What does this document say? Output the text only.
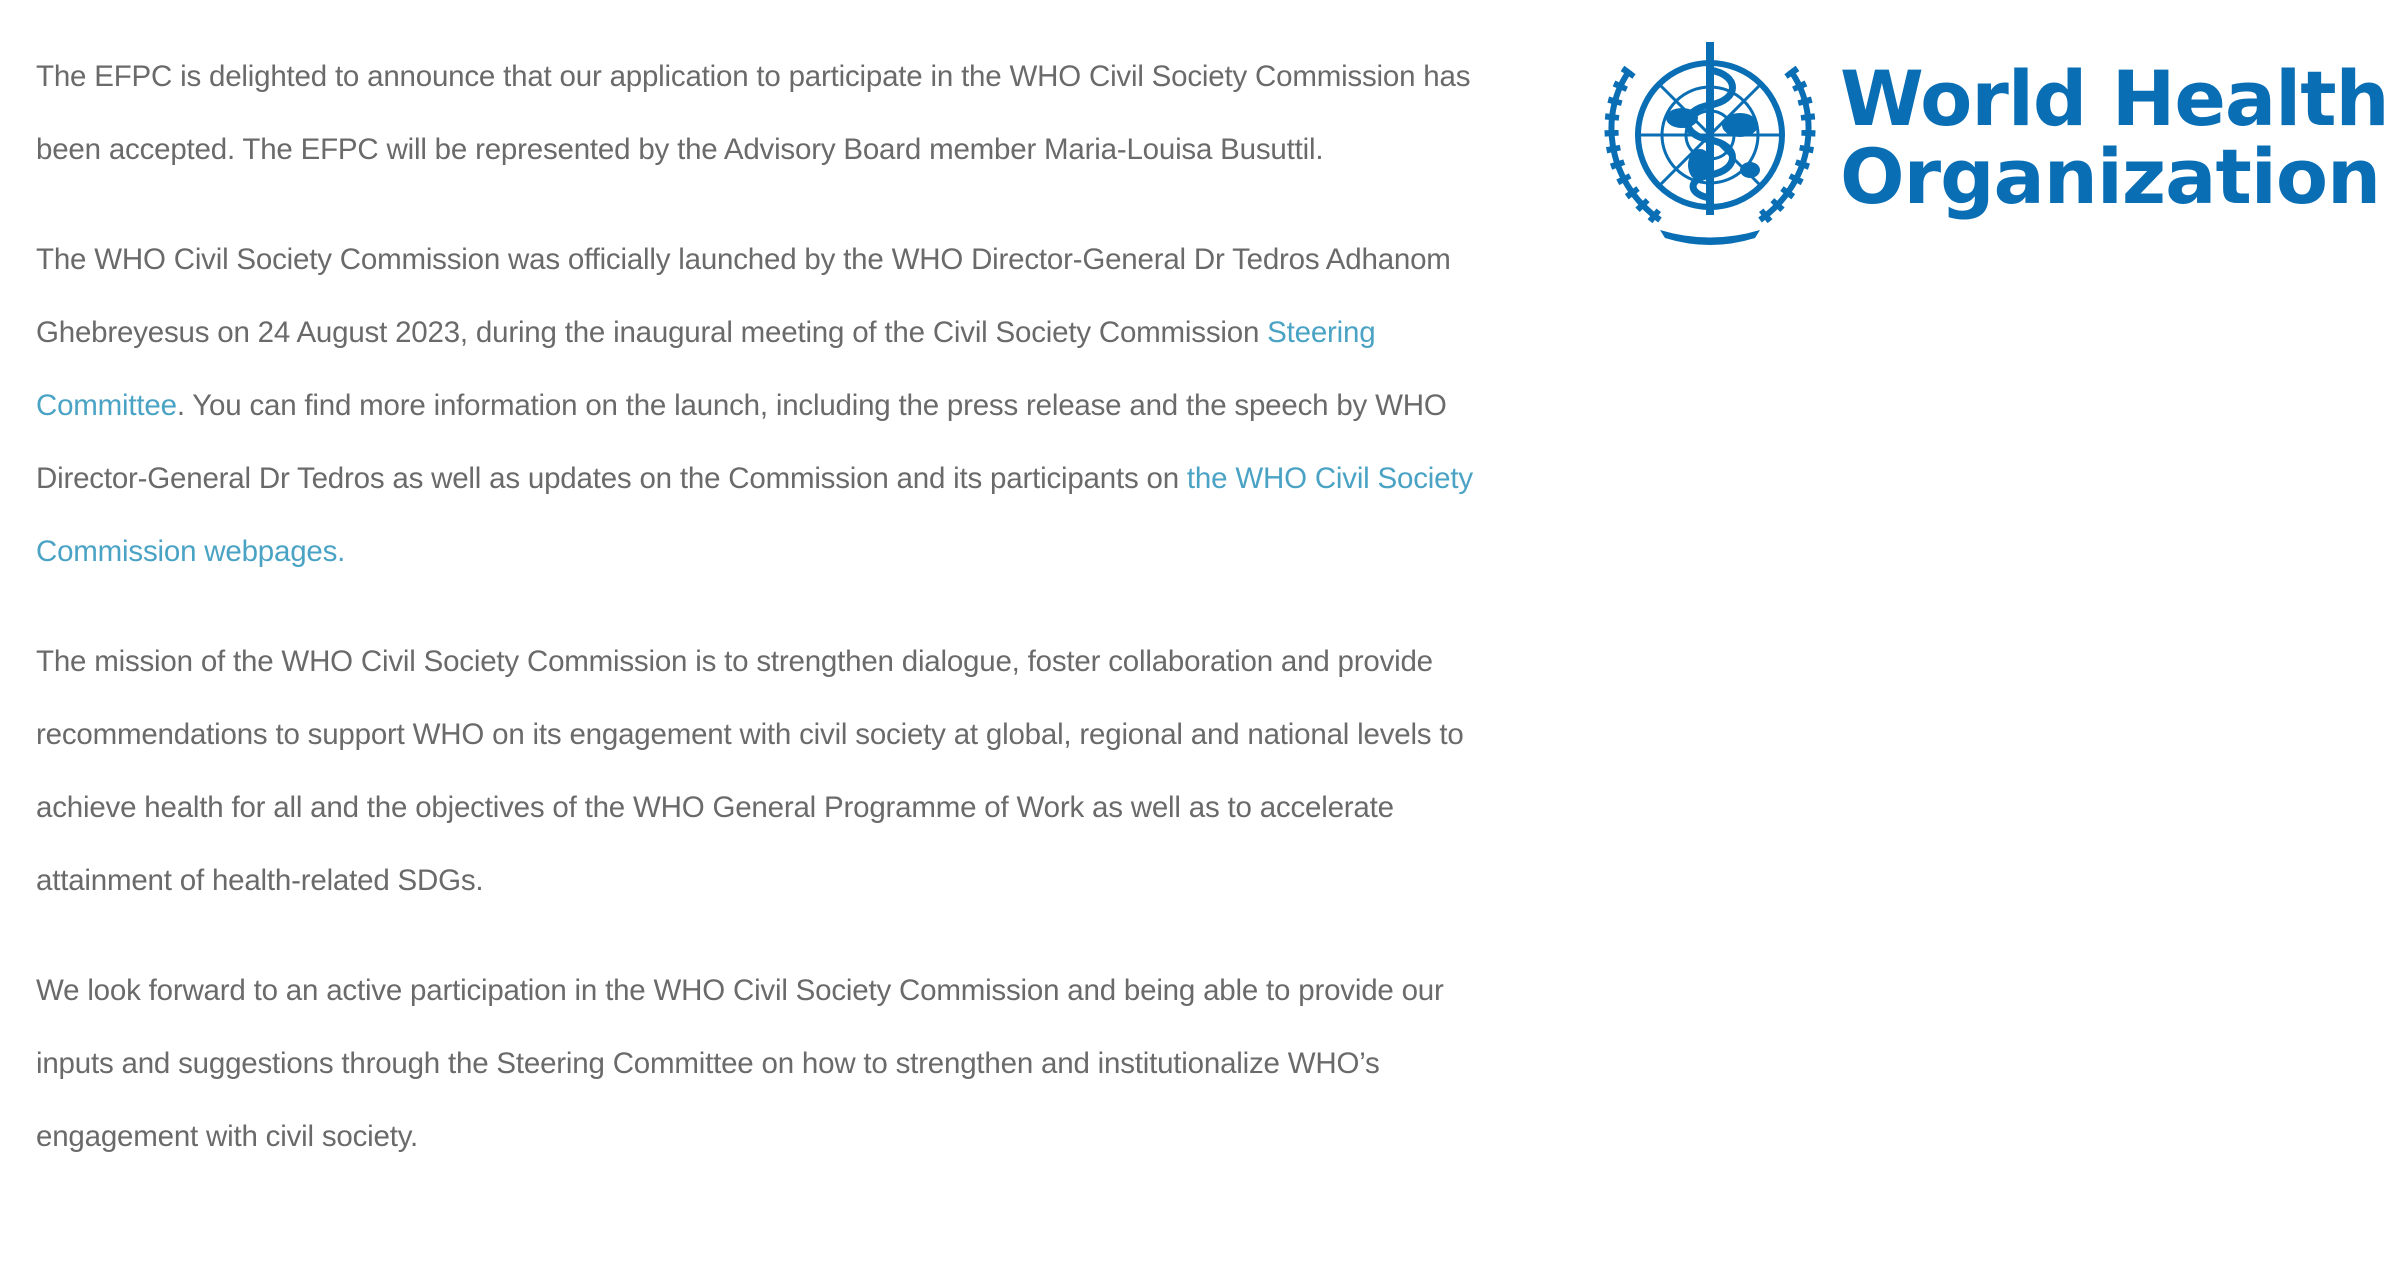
The EFPC is delighted to announce that our application to participate in the WHO Civil Society Commission has been accepted. The EFPC will be represented by the Advisory Board member Maria-Louisa Busuttil.

The WHO Civil Society Commission was officially launched by the WHO Director-General Dr Tedros Adhanom Ghebreyesus on 24 August 2023, during the inaugural meeting of the Civil Society Commission Steering Committee. You can find more information on the launch, including the press release and the speech by WHO Director-General Dr Tedros as well as updates on the Commission and its participants on the WHO Civil Society Commission webpages.

The mission of the WHO Civil Society Commission is to strengthen dialogue, foster collaboration and provide recommendations to support WHO on its engagement with civil society at global, regional and national levels to achieve health for all and the objectives of the WHO General Programme of Work as well as to accelerate attainment of health-related SDGs.

We look forward to an active participation in the WHO Civil Society Commission and being able to provide our inputs and suggestions through the Steering Committee on how to strengthen and institutionalize WHO’s engagement with civil society.

World Health
Organization
